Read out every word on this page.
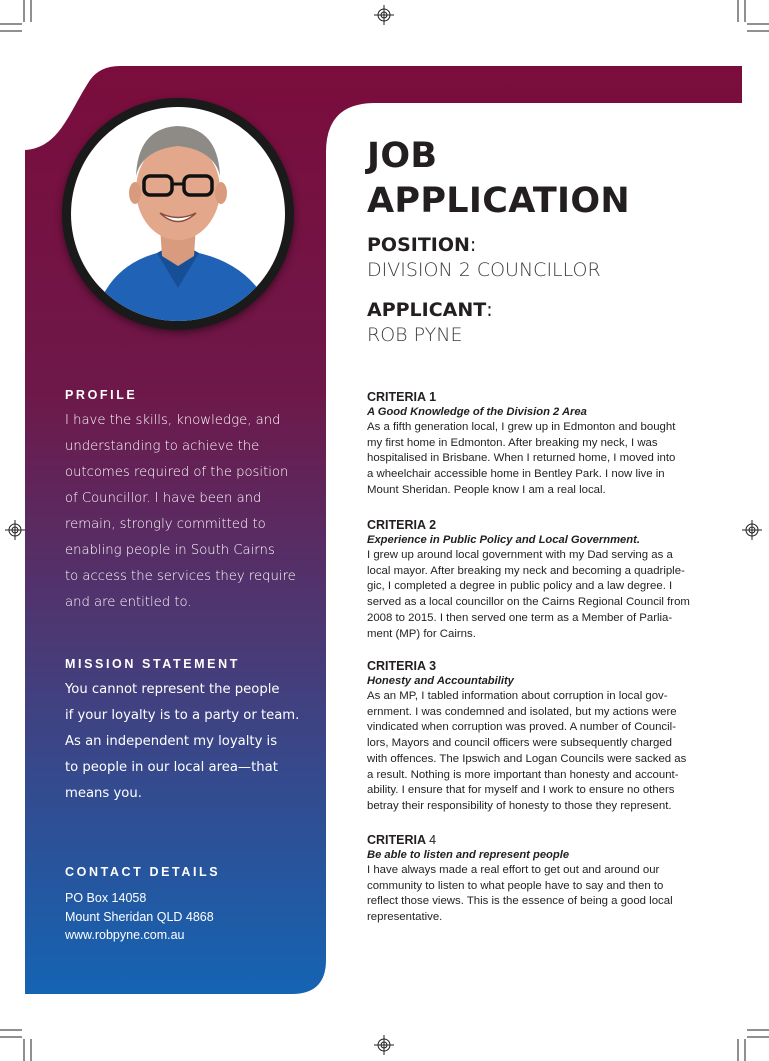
PROFILE
I have the skills, knowledge, and
understanding to achieve the
outcomes required of the position
of Councillor. I have been and
remain, strongly committed to
enabling people in South Cairns
to access the services they require
and are entitled to.
MISSION STATEMENT
You cannot represent the people
if your loyalty is to a party or team.
As an independent my loyalty is
to people in our local area—that
means you.
CONTACT DETAILS
PO Box 14058
Mount Sheridan QLD 4868
www.robpyne.com.au
JOB
APPLICATION
POSITION:
DIVISION 2 COUNCILLOR
APPLICANT:
ROB PYNE
CRITERIA 1
A Good Knowledge of the Division 2 Area
As a fifth generation local, I grew up in Edmonton and bought
my first home in Edmonton. After breaking my neck, I was
hospitalised in Brisbane. When I returned home, I moved into
a wheelchair accessible home in Bentley Park. I now live in
Mount Sheridan. People know I am a real local.
CRITERIA 2
Experience in Public Policy and Local Government.
I grew up around local government with my Dad serving as a
local mayor. After breaking my neck and becoming a quadriple-
gic, I completed a degree in public policy and a law degree. I
served as a local councillor on the Cairns Regional Council from
2008 to 2015. I then served one term as a Member of Parlia-
ment (MP) for Cairns.
CRITERIA 3
Honesty and Accountability
As an MP, I tabled information about corruption in local gov-
ernment. I was condemned and isolated, but my actions were
vindicated when corruption was proved. A number of Council-
lors, Mayors and council officers were subsequently charged
with offences. The Ipswich and Logan Councils were sacked as
a result. Nothing is more important than honesty and account-
ability. I ensure that for myself and I work to ensure no others
betray their responsibility of honesty to those they represent.
CRITERIA 4
Be able to listen and represent people
I have always made a real effort to get out and around our
community to listen to what people have to say and then to
reflect those views. This is the essence of being a good local
representative.
